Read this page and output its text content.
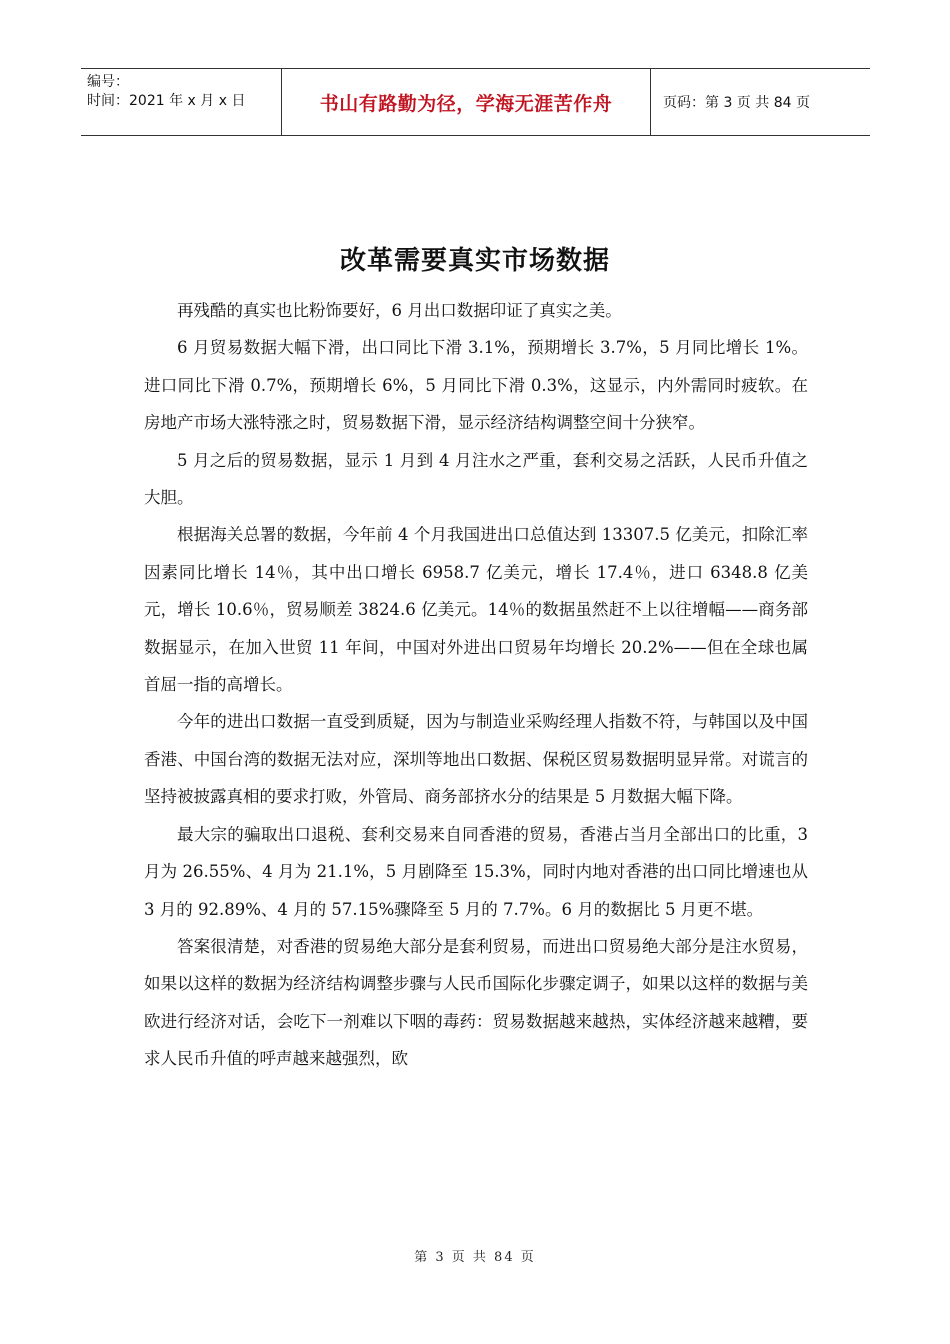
编号：
时间：2021 年 x 月 x 日	书山有路勤为径，学海无涯苦作舟	页码：第 3 页 共 84 页
改革需要真实市场数据

再残酷的真实也比粉饰要好，6 月出口数据印证了真实之美。

6 月贸易数据大幅下滑，出口同比下滑 3.1%，预期增长 3.7%，5 月同比增长 1%。进口同比下滑 0.7%，预期增长 6%，5 月同比下滑 0.3%，这显示，内外需同时疲软。在房地产市场大涨特涨之时，贸易数据下滑，显示经济结构调整空间十分狭窄。

5 月之后的贸易数据，显示 1 月到 4 月注水之严重，套利交易之活跃，人民币升值之大胆。

根据海关总署的数据，今年前 4 个月我国进出口总值达到 13307.5 亿美元，扣除汇率因素同比增长 14％，其中出口增长 6958.7 亿美元，增长 17.4％，进口 6348.8 亿美元，增长 10.6％，贸易顺差 3824.6 亿美元。14％的数据虽然赶不上以往增幅——商务部数据显示，在加入世贸 11 年间，中国对外进出口贸易年均增长 20.2%——但在全球也属首屈一指的高增长。

今年的进出口数据一直受到质疑，因为与制造业采购经理人指数不符，与韩国以及中国香港、中国台湾的数据无法对应，深圳等地出口数据、保税区贸易数据明显异常。对谎言的坚持被披露真相的要求打败，外管局、商务部挤水分的结果是 5 月数据大幅下降。

最大宗的骗取出口退税、套利交易来自同香港的贸易，香港占当月全部出口的比重，3 月为 26.55%、4 月为 21.1%，5 月剧降至 15.3%，同时内地对香港的出口同比增速也从 3 月的 92.89%、4 月的 57.15%骤降至 5 月的 7.7%。6 月的数据比 5 月更不堪。

答案很清楚，对香港的贸易绝大部分是套利贸易，而进出口贸易绝大部分是注水贸易，如果以这样的数据为经济结构调整步骤与人民币国际化步骤定调子，如果以这样的数据与美欧进行经济对话，会吃下一剂难以下咽的毒药：贸易数据越来越热，实体经济越来越糟，要求人民币升值的呼声越来越强烈，欧

第 3 页 共 84 页
